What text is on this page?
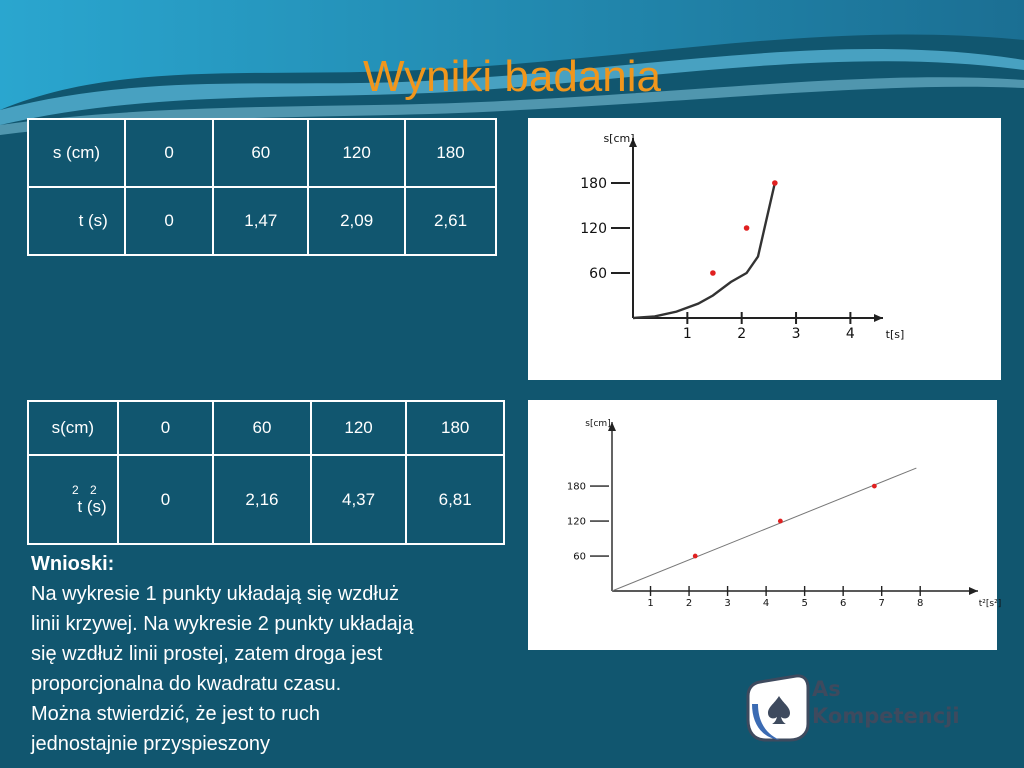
Wyniki badania
s (cm)	0	60	120	180
t (s)	0	1,47	2,09	2,61
s(cm)	0	60	120	180

2 2
t (s)	0	2,16	4,37	6,81
1	2	3	4
60
120
180
s[cm]
t[s]
1	2	3	4	5	6	7	8
60
120
180
s[cm]
t²[s²]
Wnioski:
Na wykresie 1 punkty układają się wzdłuż
linii krzywej. Na wykresie 2 punkty układają
się wzdłuż linii prostej, zatem droga jest
proporcjonalna do kwadratu czasu.
Można stwierdzić, że jest to ruch
jednostajnie przyspieszony
As
Kompetencji
